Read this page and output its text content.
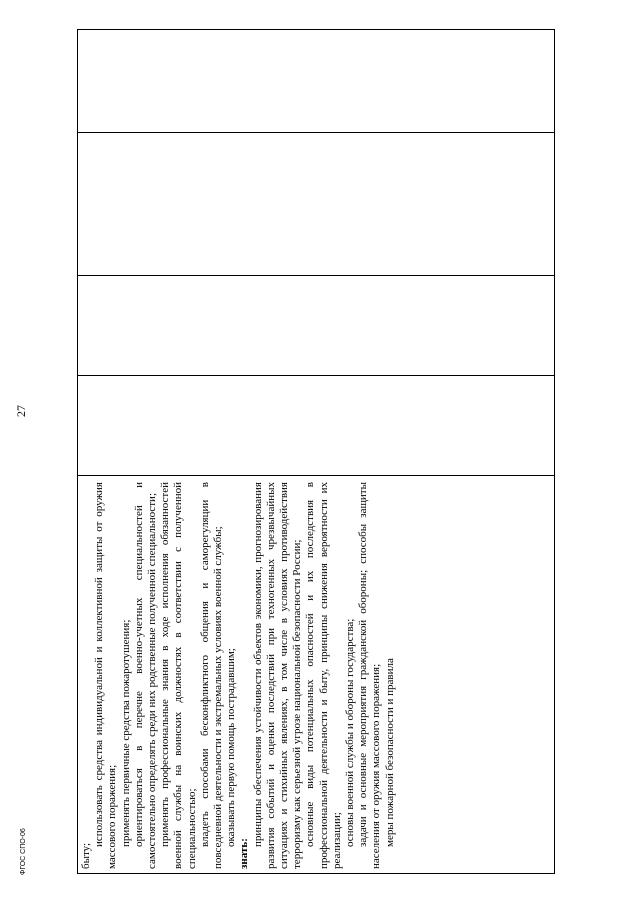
27

быту;

использовать средства индивидуальной и коллективной защиты от оружия массового поражения; применять первичные средства пожаротушения; ориентироваться в перечне военно-учетных специальностей и самостоятельно определять среди них родственные полученной специальности; применять профессиональные знания в ходе исполнения обязанностей военной службы на воинских должностях в соответствии с полученной специальностью; владеть способами бесконфликтного общения и саморегуляции в повседневной деятельности и экстремальных условиях военной службы; оказывать первую помощь пострадавшим;

знать:

принципы обеспечения устойчивости объектов экономики, прогнозирования развития событий и оценки последствий при техногенных чрезвычайных ситуациях и стихийных явлениях, в том числе в условиях противодействия терроризму как серьезной угрозе национальной безопасности России; основные виды потенциальных опасностей и их последствия в профессиональной деятельности и быту, принципы снижения вероятности их реализации; основы военной службы и обороны государства; задачи и основные мероприятия гражданской обороны; способы защиты населения от оружия массового поражения; меры пожарной безопасности и правила

ФГОС СПО-06
